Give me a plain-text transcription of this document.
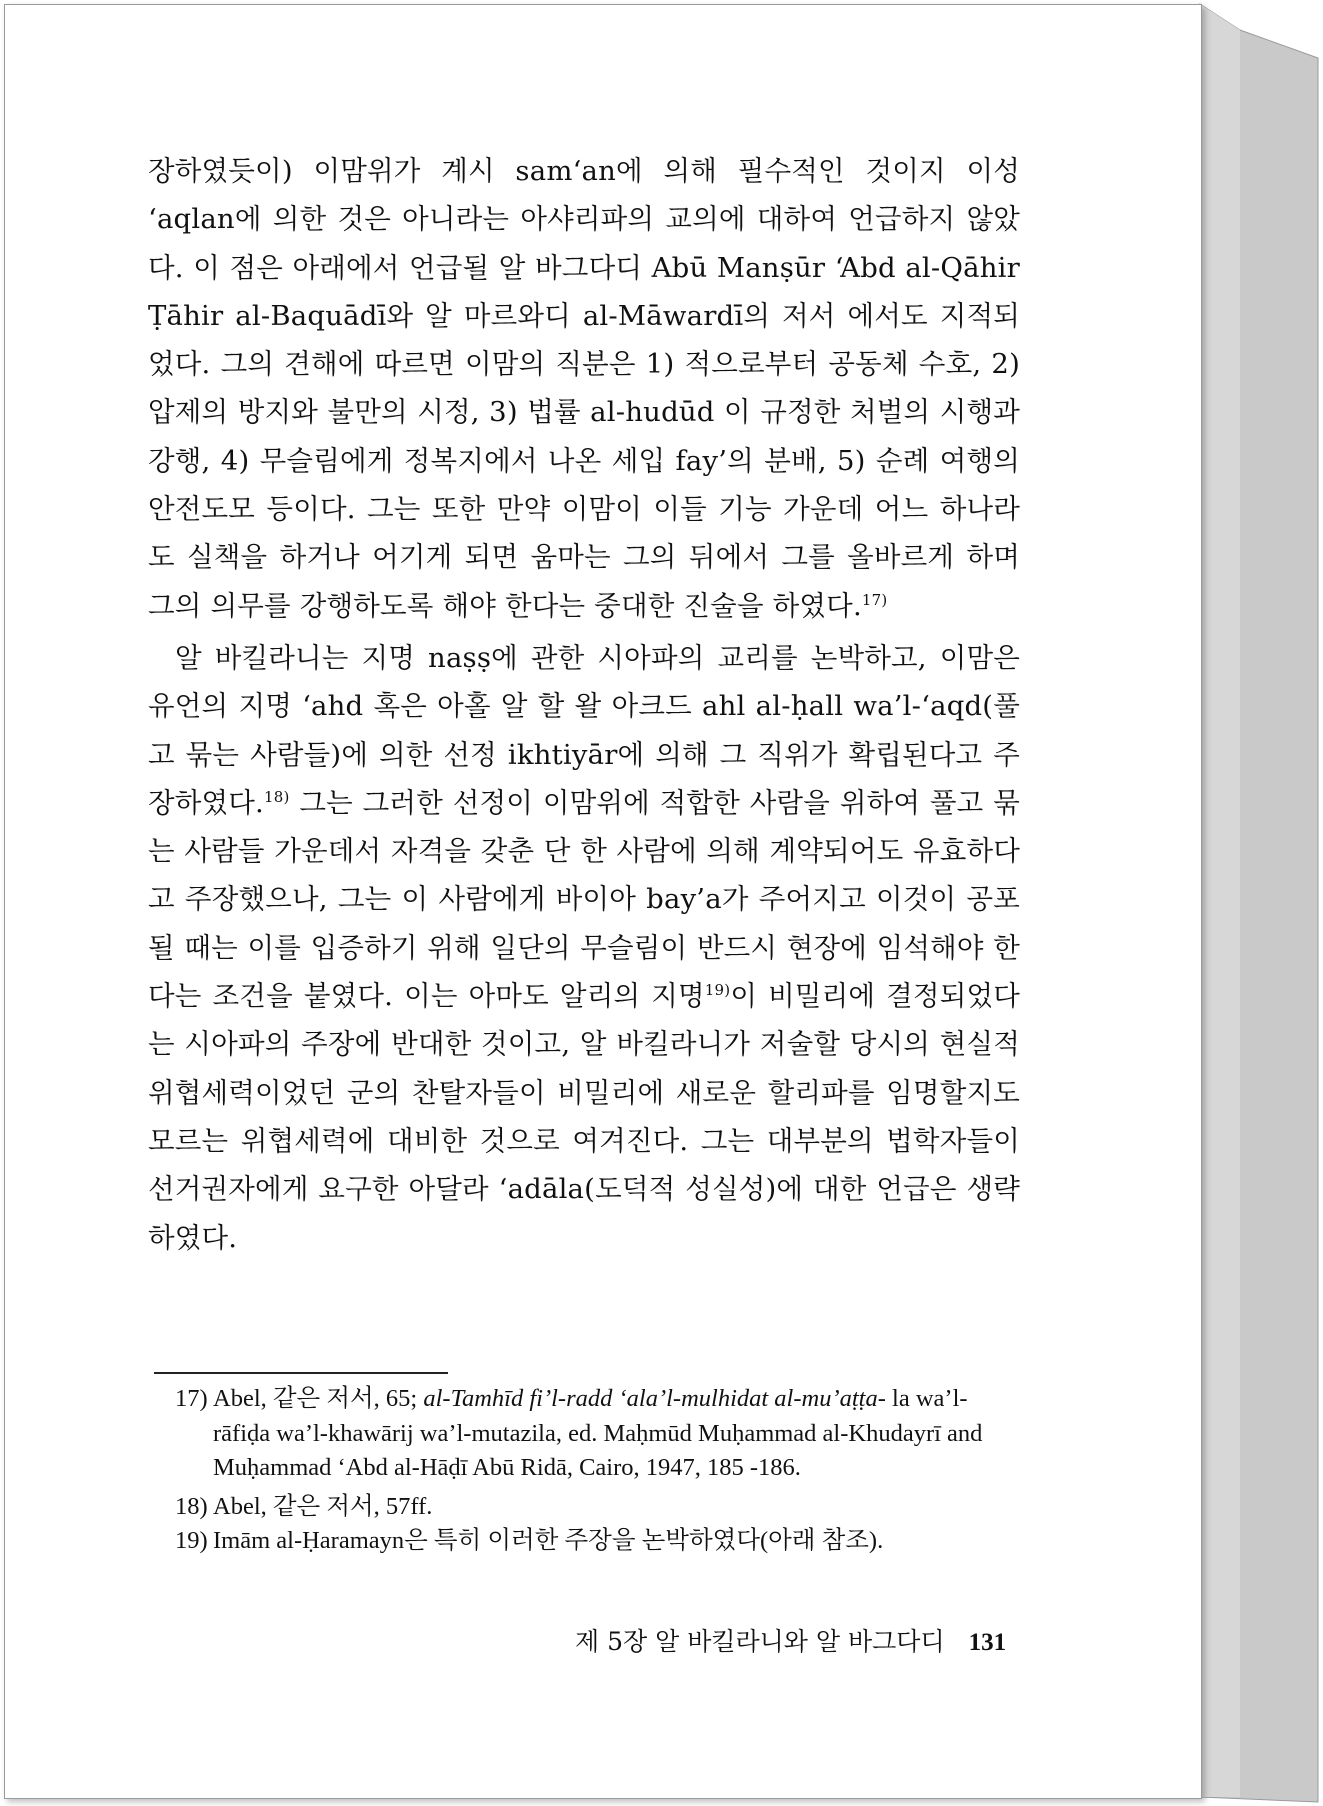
장하였듯이) 이맘위가 계시 sam‘an에 의해 필수적인 것이지 이성 ‘aqlan에 의한 것은 아니라는 아샤리파의 교의에 대하여 언급하지 않았다. 이 점은 아래에서 언급될 알 바그다디 Abū Manṣūr ‘Abd al-Qāhir Ṭāhir al-Baquādī와 알 마르와디 al-Māwardī의 저서 에서도 지적되었다. 그의 견해에 따르면 이맘의 직분은 1) 적으로부터 공동체 수호, 2) 압제의 방지와 불만의 시정, 3) 법률 al-hudūd 이 규정한 처벌의 시행과 강행, 4) 무슬림에게 정복지에서 나온 세입 fay’의 분배, 5) 순례 여행의 안전도모 등이다. 그는 또한 만약 이맘이 이들 기능 가운데 어느 하나라도 실책을 하거나 어기게 되면 움마는 그의 뒤에서 그를 올바르게 하며 그의 의무를 강행하도록 해야 한다는 중대한 진술을 하였다.$^{17)}$

알 바킬라니는 지명 naṣṣ에 관한 시아파의 교리를 논박하고, 이맘은 유언의 지명 ‘ahd 혹은 아홀 알 할 왈 아크드 ahl al-ḥall wa’l-‘aqd(풀고 묶는 사람들)에 의한 선정 ikhtiyār에 의해 그 직위가 확립된다고 주장하였다.$^{18)}$ 그는 그러한 선정이 이맘위에 적합한 사람을 위하여 풀고 묶는 사람들 가운데서 자격을 갖춘 단 한 사람에 의해 계약되어도 유효하다고 주장했으나, 그는 이 사람에게 바이아 bay’a가 주어지고 이것이 공포될 때는 이를 입증하기 위해 일단의 무슬림이 반드시 현장에 임석해야 한다는 조건을 붙였다. 이는 아마도 알리의 지명$^{19)}$이 비밀리에 결정되었다는 시아파의 주장에 반대한 것이고, 알 바킬라니가 저술할 당시의 현실적 위협세력이었던 군의 찬탈자들이 비밀리에 새로운 할리파를 임명할지도 모르는 위협세력에 대비한 것으로 여겨진다. 그는 대부분의 법학자들이 선거권자에게 요구한 아달라 ‘adāla(도덕적 성실성)에 대한 언급은 생략하였다.

17) Abel, 같은 저서, 65; al-Tamhīd fi’l-radd ‘ala’l-mulhidat al-mu’aṭṭa- la wa’l-rāfiḍa wa’l-khawārij wa’l-mutazila, ed. Maḥmūd Muḥammad al-Khudayrī and Muḥammad ‘Abd al-Hāḍī Abū Ridā, Cairo, 1947, 185 -186.
18) Abel, 같은 저서, 57ff.
19) Imām al-Ḥaramayn은 특히 이러한 주장을 논박하였다(아래 참조).
제 5장 알 바킬라니와 알 바그다디 131
